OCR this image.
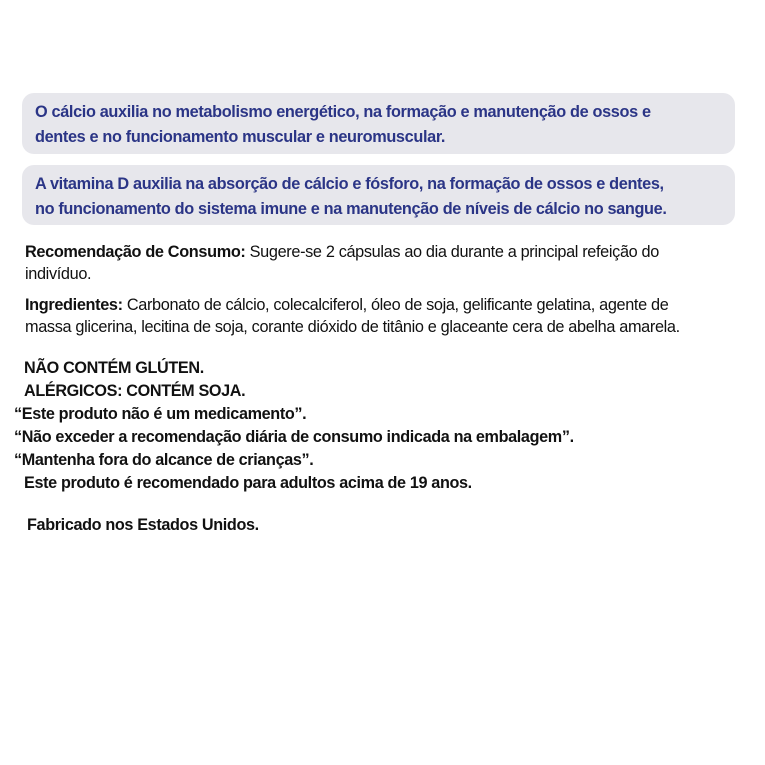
O cálcio auxilia no metabolismo energético, na formação e manutenção de ossos e
dentes e no funcionamento muscular e neuromuscular.
A vitamina D auxilia na absorção de cálcio e fósforo, na formação de ossos e dentes,
no funcionamento do sistema imune e na manutenção de níveis de cálcio no sangue.
Recomendação de Consumo: Sugere-se 2 cápsulas ao dia durante a principal refeição do
indivíduo.
Ingredientes: Carbonato de cálcio, colecalciferol, óleo de soja, gelificante gelatina, agente de
massa glicerina, lecitina de soja, corante dióxido de titânio e glaceante cera de abelha amarela.
NÃO CONTÉM GLÚTEN.
ALÉRGICOS: CONTÉM SOJA.
“Este produto não é um medicamento”.
“Não exceder a recomendação diária de consumo indicada na embalagem”.
“Mantenha fora do alcance de crianças”.
Este produto é recomendado para adultos acima de 19 anos.
Fabricado nos Estados Unidos.
